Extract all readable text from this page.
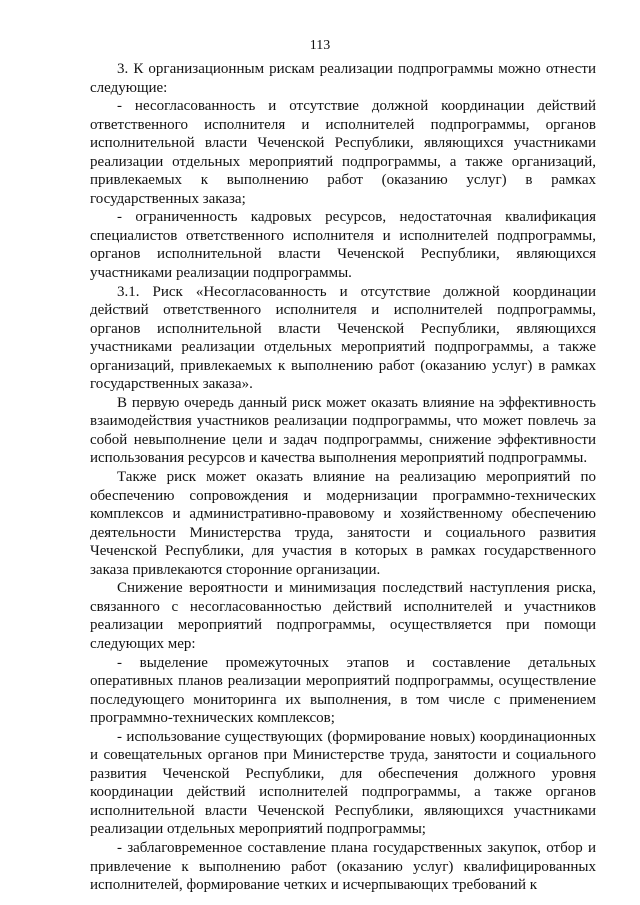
113

3. К организационным рискам реализации подпрограммы можно отнести следующие:

- несогласованность и отсутствие должной координации действий ответственного исполнителя и исполнителей подпрограммы, органов исполнительной власти Чеченской Республики, являющихся участниками реализации отдельных мероприятий подпрограммы, а также организаций, привлекаемых к выполнению работ (оказанию услуг) в рамках государственных заказа;

- ограниченность кадровых ресурсов, недостаточная квалификация специалистов ответственного исполнителя и исполнителей подпрограммы, органов исполнительной власти Чеченской Республики, являющихся участниками реализации подпрограммы.

3.1. Риск «Несогласованность и отсутствие должной координации действий ответственного исполнителя и исполнителей подпрограммы, органов исполнительной власти Чеченской Республики, являющихся участниками реализации отдельных мероприятий подпрограммы, а также организаций, привлекаемых к выполнению работ (оказанию услуг) в рамках государственных заказа».

В первую очередь данный риск может оказать влияние на эффективность взаимодействия участников реализации подпрограммы, что может повлечь за собой невыполнение цели и задач подпрограммы, снижение эффективности использования ресурсов и качества выполнения мероприятий подпрограммы.

Также риск может оказать влияние на реализацию мероприятий по обеспечению сопровождения и модернизации программно-технических комплексов и административно-правовому и хозяйственному обеспечению деятельности Министерства труда, занятости и социального развития Чеченской Республики, для участия в которых в рамках государственного заказа привлекаются сторонние организации.

Снижение вероятности и минимизация последствий наступления риска, связанного с несогласованностью действий исполнителей и участников реализации мероприятий подпрограммы, осуществляется при помощи следующих мер:

- выделение промежуточных этапов и составление детальных оперативных планов реализации мероприятий подпрограммы, осуществление последующего мониторинга их выполнения, в том числе с применением программно-технических комплексов;

- использование существующих (формирование новых) координационных и совещательных органов при Министерстве труда, занятости и социального развития Чеченской Республики, для обеспечения должного уровня координации действий исполнителей подпрограммы, а также органов исполнительной власти Чеченской Республики, являющихся участниками реализации отдельных мероприятий подпрограммы;

- заблаговременное составление плана государственных закупок, отбор и привлечение к выполнению работ (оказанию услуг) квалифицированных исполнителей, формирование четких и исчерпывающих требований к
